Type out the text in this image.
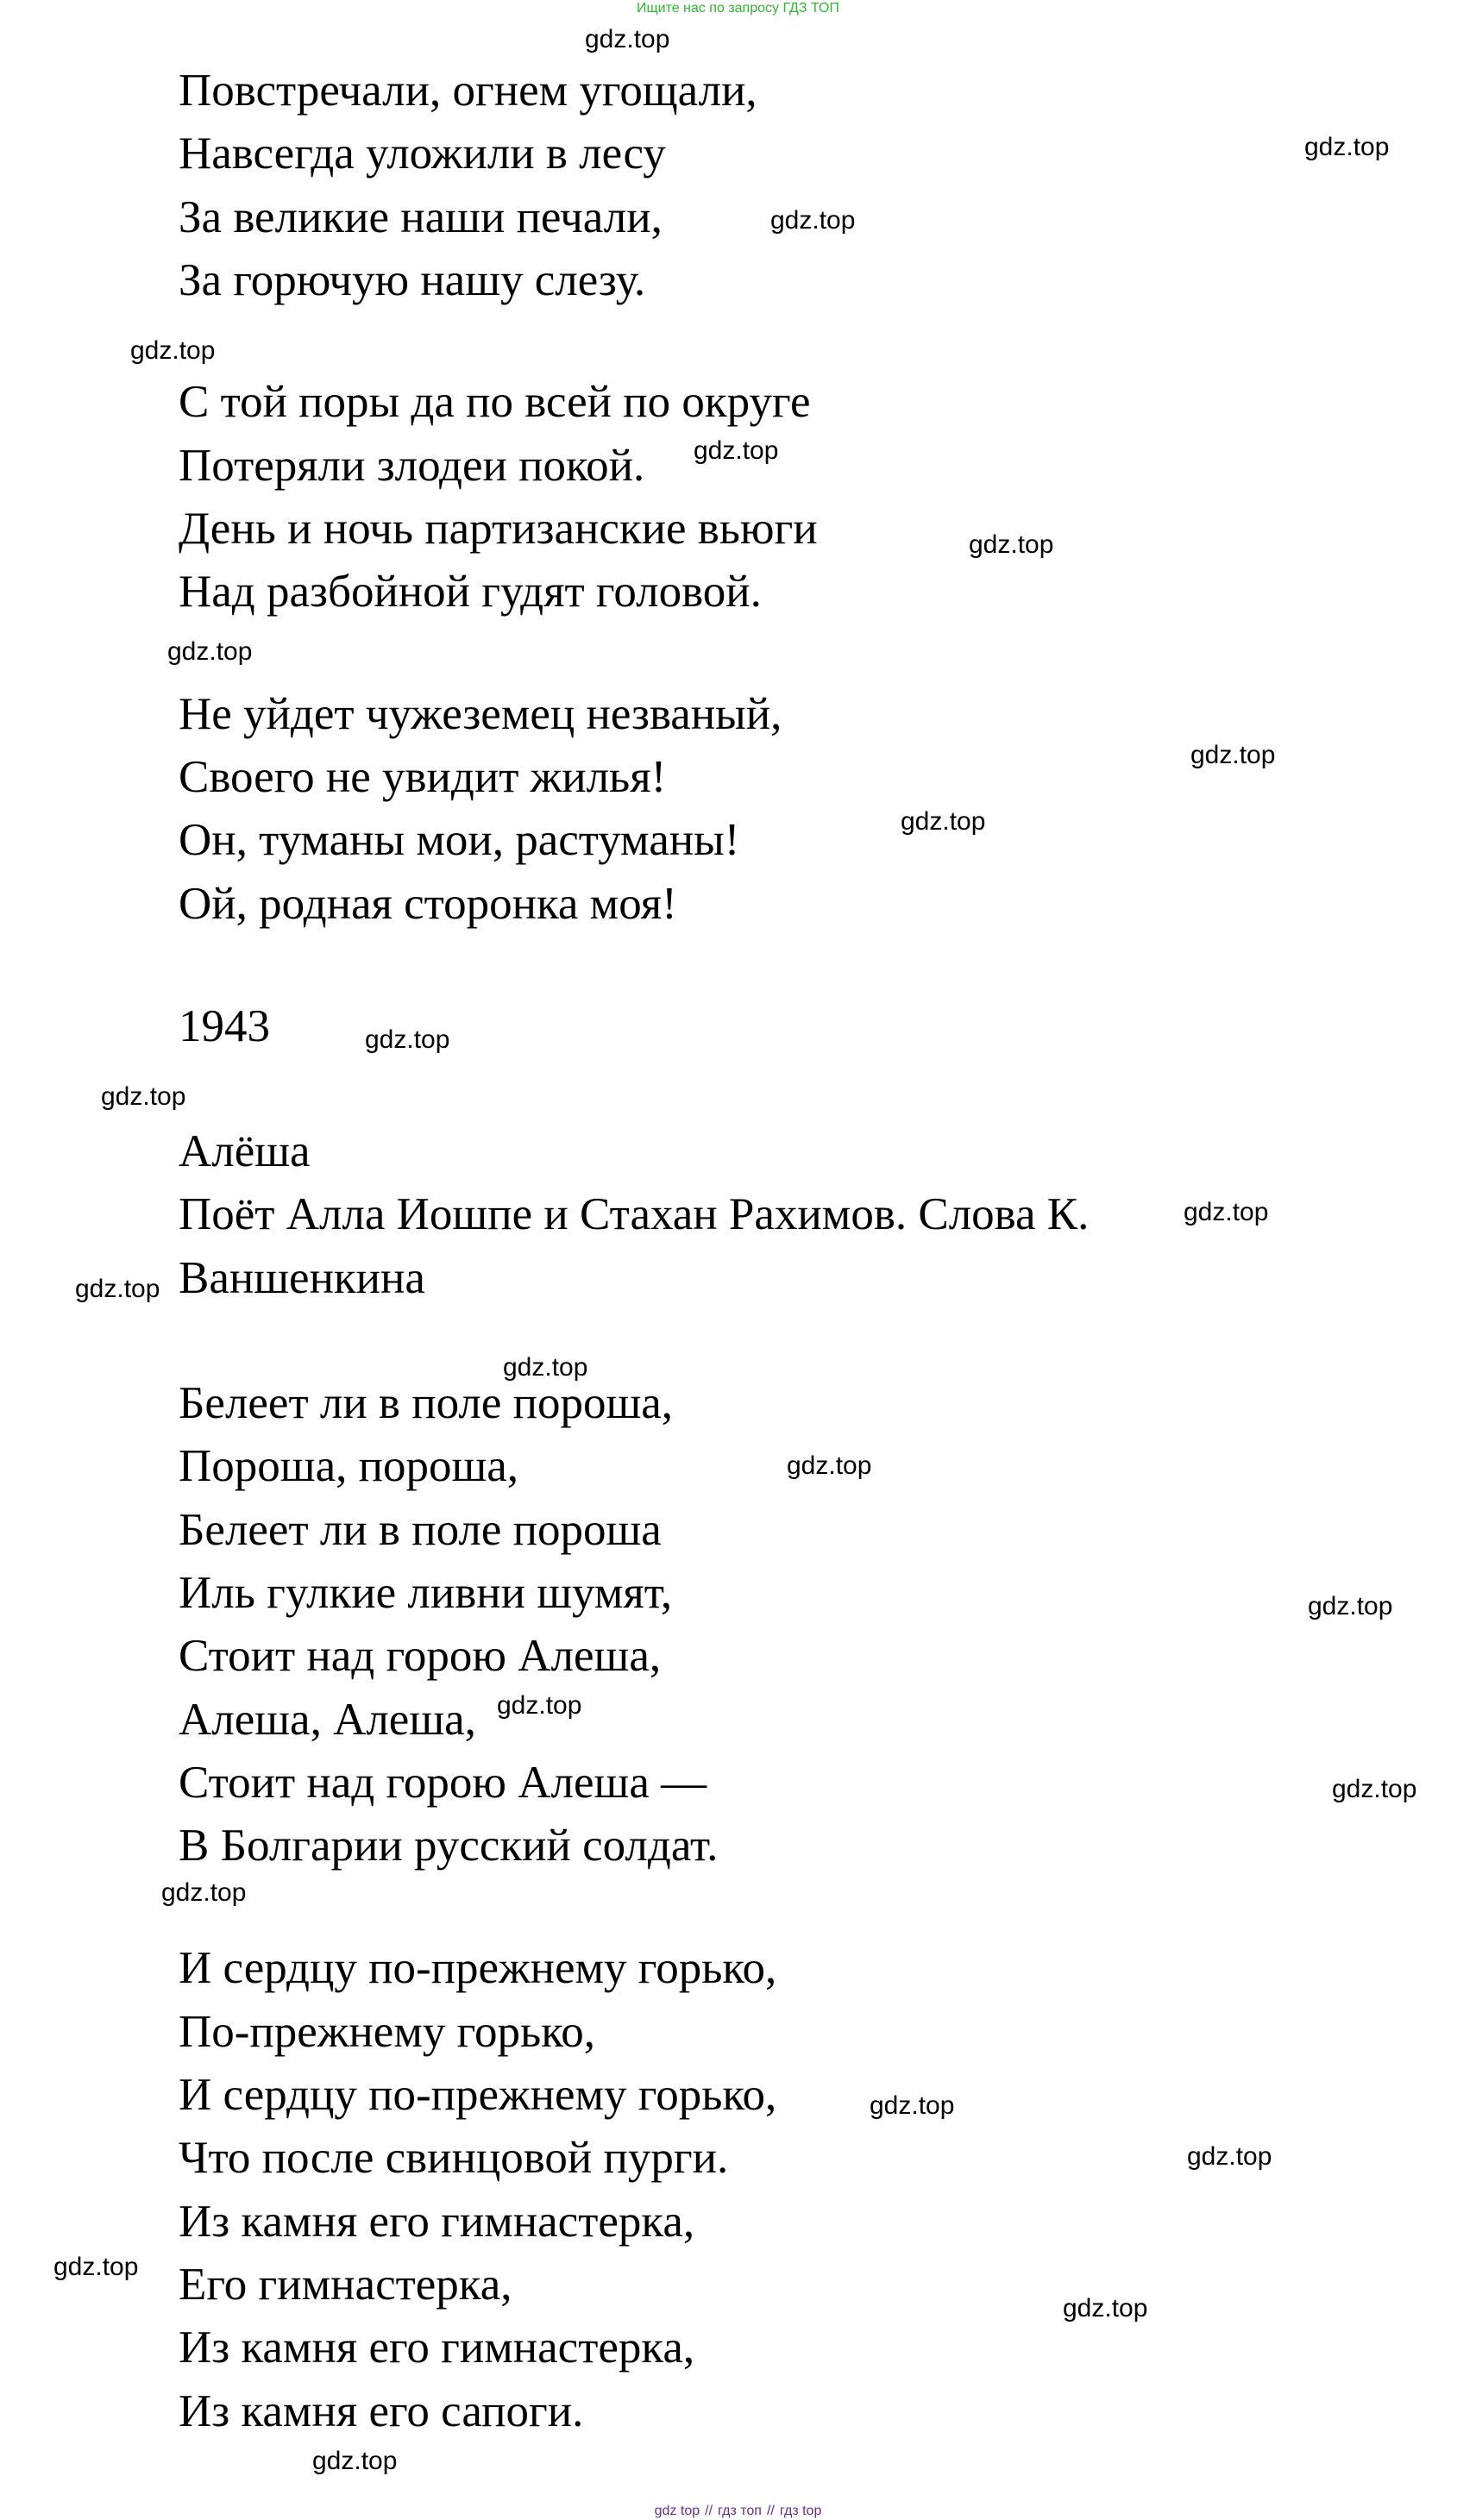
Ищите нас по запросу ГДЗ ТОП
Повстречали, огнем угощали,
Навсегда уложили в лесу
За великие наши печали,
За горючую нашу слезу.
С той поры да по всей по округе
Потеряли злодеи покой.
День и ночь партизанские вьюги
Над разбойной гудят головой.
Не уйдет чужеземец незваный,
Своего не увидит жилья!
Он, туманы мои, растуманы!
Ой, родная сторонка моя!
1943
Алёша
Поёт Алла Иошпе и Стахан Рахимов. Слова К.
Ваншенкина
Белеет ли в поле пороша,
Пороша, пороша,
Белеет ли в поле пороша
Иль гулкие ливни шумят,
Стоит над горою Алеша,
Алеша, Алеша,
Стоит над горою Алеша —
В Болгарии русский солдат.
И сердцу по-прежнему горько,
По-прежнему горько,
И сердцу по-прежнему горько,
Что после свинцовой пурги.
Из камня его гимнастерка,
Его гимнастерка,
Из камня его гимнастерка,
Из камня его сапоги.
gdz.top
gdz.top
gdz.top
gdz.top
gdz.top
gdz.top
gdz.top
gdz.top
gdz.top
gdz.top
gdz.top
gdz.top
gdz.top
gdz.top
gdz.top
gdz.top
gdz.top
gdz.top
gdz.top
gdz.top
gdz.top
gdz.top
gdz.top
gdz.top
gdz top // гдз топ // гдз top
